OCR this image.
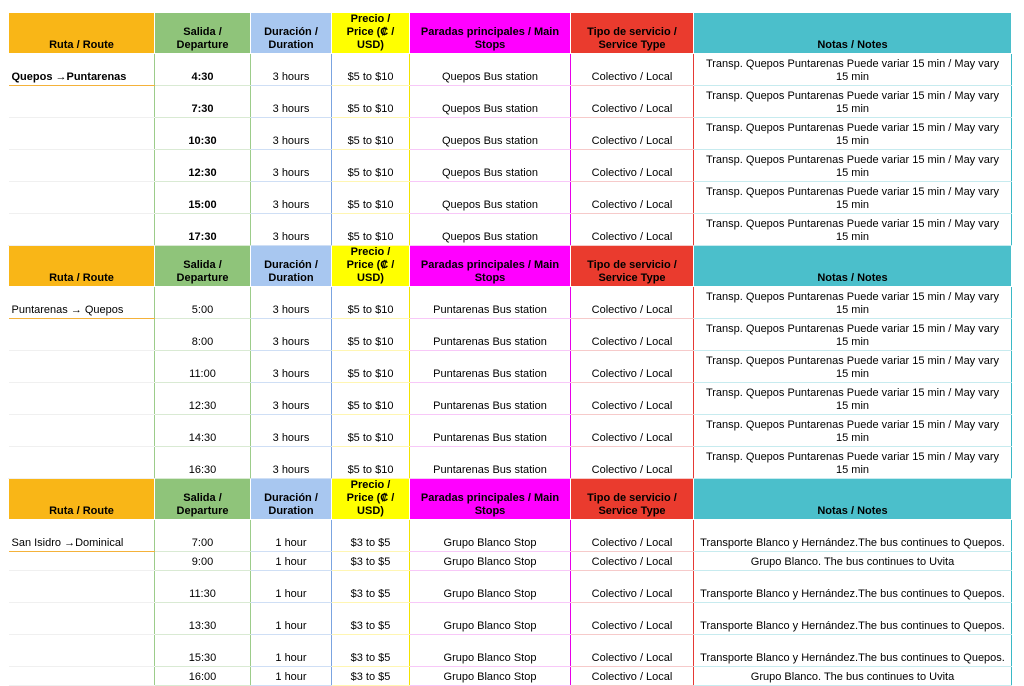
Ruta / Route	Salida / Departure	Duración / Duration	Precio / Price (₡ / USD)	Paradas principales / Main Stops	Tipo de servicio / Service Type	Notas / Notes
Quepos →Puntarenas	4:30	3 hours	$5 to $10	Quepos Bus station	Colectivo / Local	Transp. Quepos Puntarenas Puede variar 15 min / May vary 15 min
	7:30	3 hours	$5 to $10	Quepos Bus station	Colectivo / Local	Transp. Quepos Puntarenas Puede variar 15 min / May vary 15 min
	10:30	3 hours	$5 to $10	Quepos Bus station	Colectivo / Local	Transp. Quepos Puntarenas Puede variar 15 min / May vary 15 min
	12:30	3 hours	$5 to $10	Quepos Bus station	Colectivo / Local	Transp. Quepos Puntarenas Puede variar 15 min / May vary 15 min
	15:00	3 hours	$5 to $10	Quepos Bus station	Colectivo / Local	Transp. Quepos Puntarenas Puede variar 15 min / May vary 15 min
	17:30	3 hours	$5 to $10	Quepos Bus station	Colectivo / Local	Transp. Quepos Puntarenas Puede variar 15 min / May vary 15 min
Ruta / Route	Salida / Departure	Duración / Duration	Precio / Price (₡ / USD)	Paradas principales / Main Stops	Tipo de servicio / Service Type	Notas / Notes
Puntarenas → Quepos	5:00	3 hours	$5 to $10	Puntarenas Bus station	Colectivo / Local	Transp. Quepos Puntarenas Puede variar 15 min / May vary 15 min
	8:00	3 hours	$5 to $10	Puntarenas Bus station	Colectivo / Local	Transp. Quepos Puntarenas Puede variar 15 min / May vary 15 min
	11:00	3 hours	$5 to $10	Puntarenas Bus station	Colectivo / Local	Transp. Quepos Puntarenas Puede variar 15 min / May vary 15 min
	12:30	3 hours	$5 to $10	Puntarenas Bus station	Colectivo / Local	Transp. Quepos Puntarenas Puede variar 15 min / May vary 15 min
	14:30	3 hours	$5 to $10	Puntarenas Bus station	Colectivo / Local	Transp. Quepos Puntarenas Puede variar 15 min / May vary 15 min
	16:30	3 hours	$5 to $10	Puntarenas Bus station	Colectivo / Local	Transp. Quepos Puntarenas Puede variar 15 min / May vary 15 min
Ruta / Route	Salida / Departure	Duración / Duration	Precio / Price (₡ / USD)	Paradas principales / Main Stops	Tipo de servicio / Service Type	Notas / Notes
San Isidro →Dominical	7:00	1 hour	$3 to $5	Grupo Blanco Stop	Colectivo / Local	Transporte Blanco y Hernández.The bus continues to Quepos.
	9:00	1 hour	$3 to $5	Grupo Blanco Stop	Colectivo / Local	Grupo Blanco. The bus continues to Uvita
	11:30	1 hour	$3 to $5	Grupo Blanco Stop	Colectivo / Local	Transporte Blanco y Hernández.The bus continues to Quepos.
	13:30	1 hour	$3 to $5	Grupo Blanco Stop	Colectivo / Local	Transporte Blanco y Hernández.The bus continues to Quepos.
	15:30	1 hour	$3 to $5	Grupo Blanco Stop	Colectivo / Local	Transporte Blanco y Hernández.The bus continues to Quepos.
	16:00	1 hour	$3 to $5	Grupo Blanco Stop	Colectivo / Local	Grupo Blanco. The bus continues to Uvita
